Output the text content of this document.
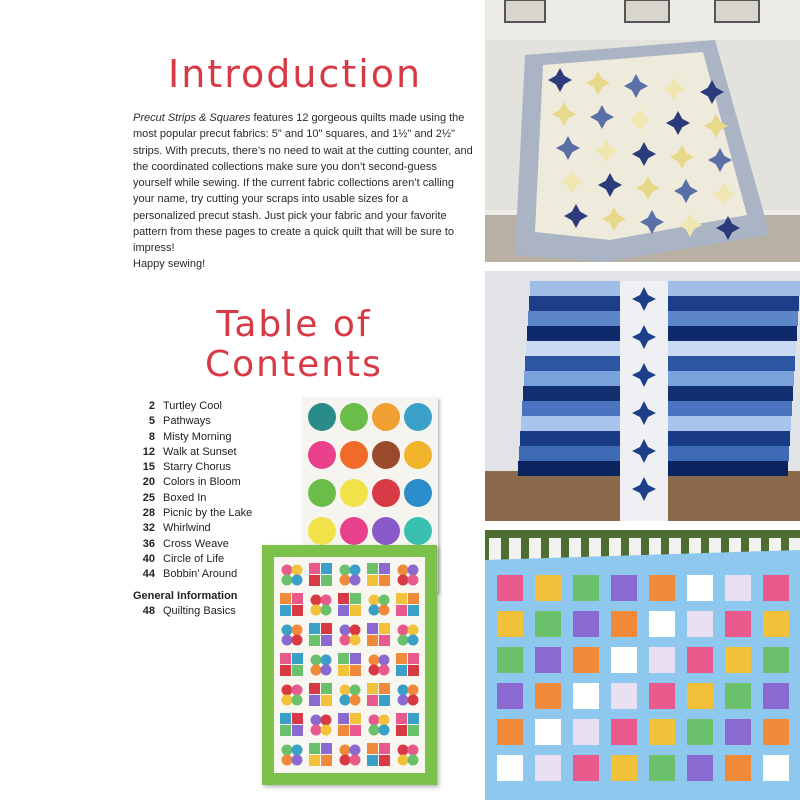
Introduction
Precut Strips & Squares features 12 gorgeous quilts made using the most popular precut fabrics: 5" and 10" squares, and 1½" and 2½" strips. With precuts, there’s no need to wait at the cutting counter, and the coordinated collections make sure you don’t second-guess yourself while sewing. If the current fabric collections aren’t calling your name, try cutting your scraps into usable sizes for a personalized precut stash. Just pick your fabric and your favorite pattern from these pages to create a quick quilt that will be sure to impress!
Happy sewing!
Table of
Contents
2 Turtley Cool
5 Pathways
8 Misty Morning
12 Walk at Sunset
15 Starry Chorus
20 Colors in Bloom
25 Boxed In
28 Picnic by the Lake
32 Whirlwind
36 Cross Weave
40 Circle of Life
44 Bobbin’ Around
General Information
48 Quilting Basics
